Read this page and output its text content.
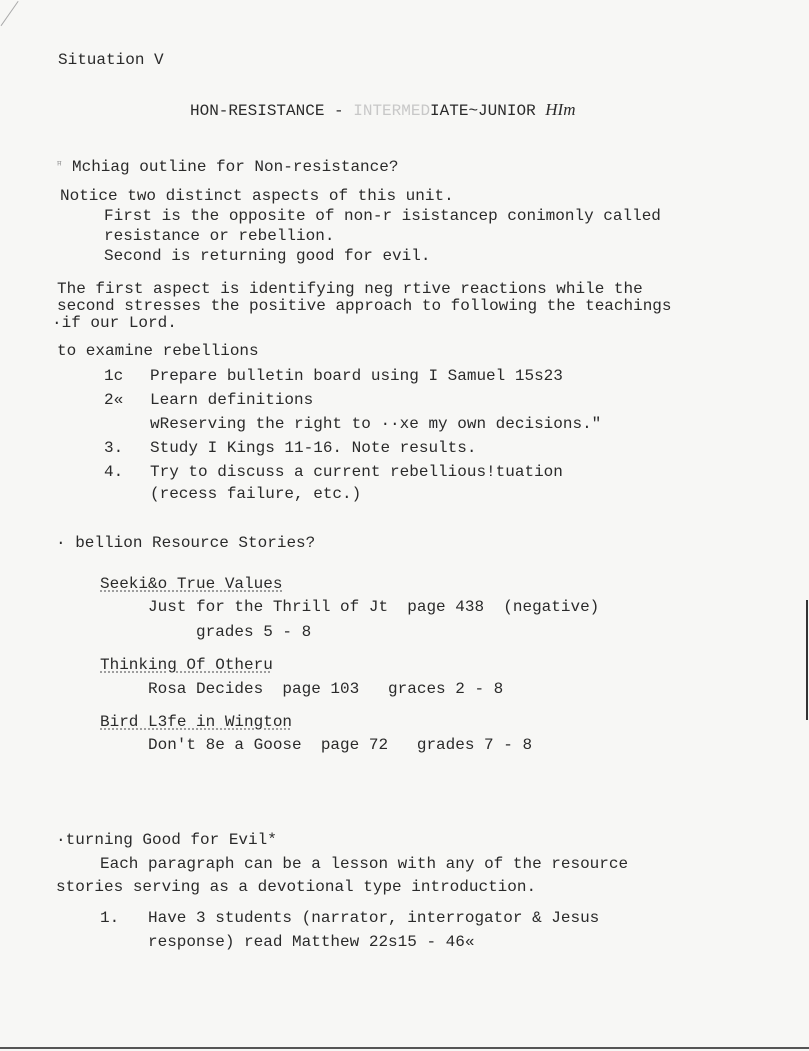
Situation V
HON-RESISTANCE - INTERMEDIATE~JUNIOR HIm
ꟸ Mchiag outline for Non-resistance?
Notice two distinct aspects of this unit.
First is the opposite of non-r isistancep conimonly called
resistance or rebellion.
Second is returning good for evil.
The first aspect is identifying neg rtive reactions while the
second stresses the positive approach to following the teachings
·if our Lord.
to examine rebellions
1c Prepare bulletin board using I Samuel 15s23
2« Learn definitions
wReserving the right to ··xe my own decisions."
3. Study I Kings 11-16. Note results.
4. Try to discuss a current rebellious!tuation
(recess failure, etc.)
· bellion Resource Stories?
Seeki&o True Values
Just for the Thrill of Jt  page 438  (negative)
grades 5 - 8
Thinking Of Otheru
Rosa Decides  page 103   graces 2 - 8
Bird L3fe in Wington
Don't 8e a Goose  page 72   grades 7 - 8
·turning Good for Evil*
Each paragraph can be a lesson with any of the resource
stories serving as a devotional type introduction.
1. Have 3 students (narrator, interrogator & Jesus
response) read Matthew 22s15 - 46«
